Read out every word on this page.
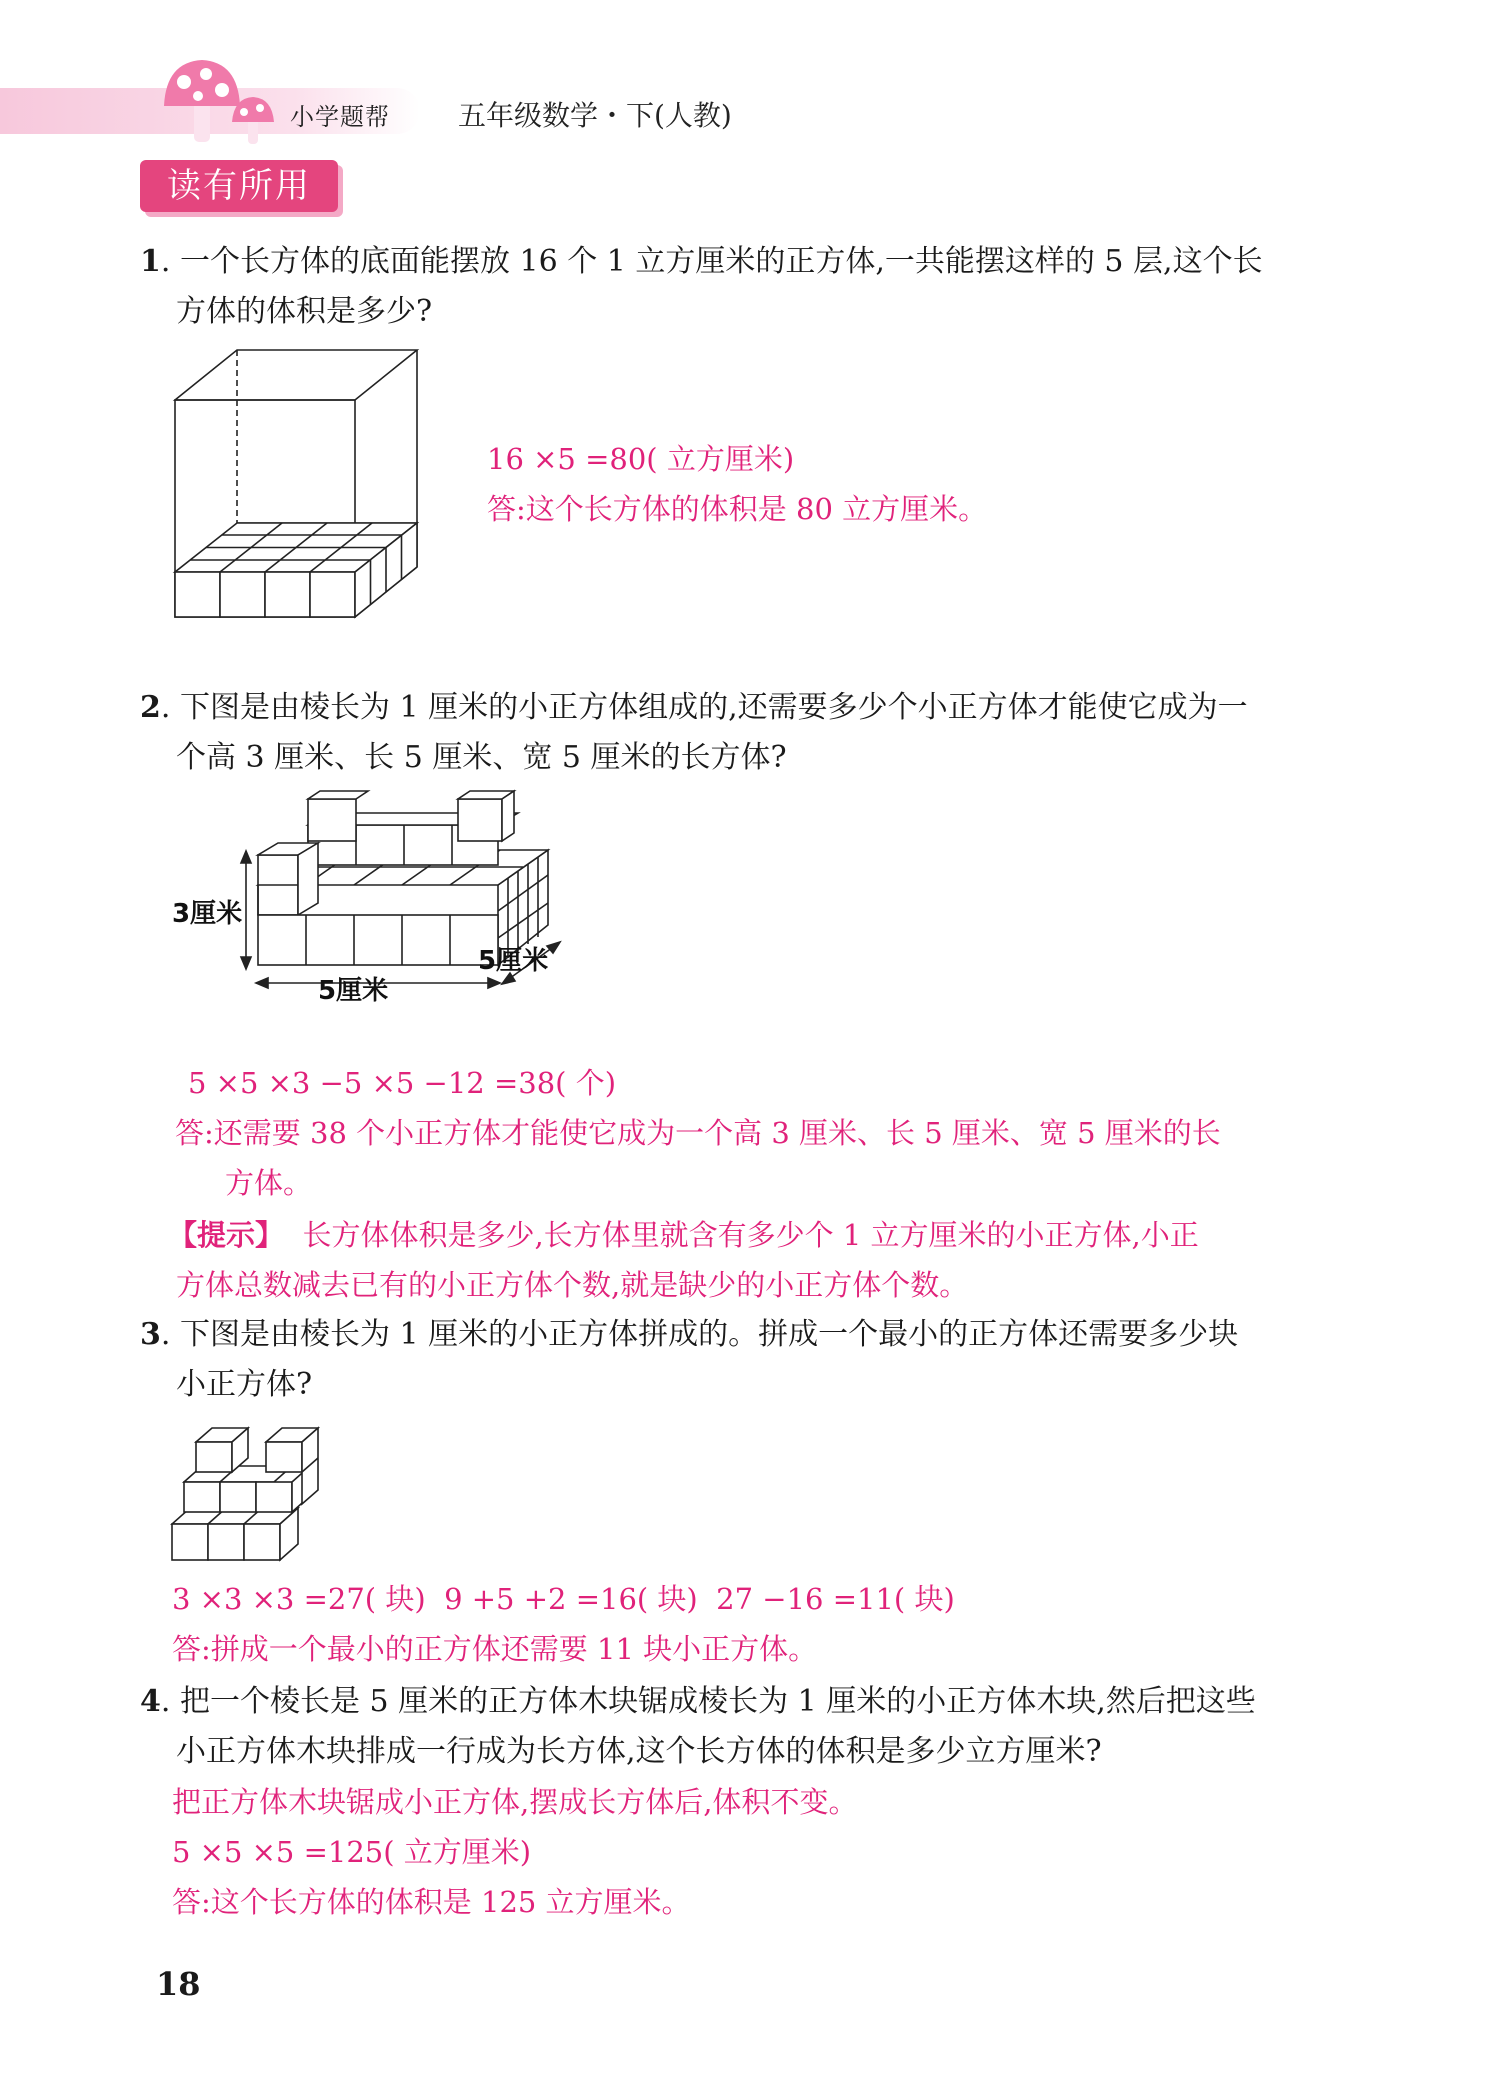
小学题帮 五年级数学・下(人教)
读有所用
1. 一个长方体的底面能摆放 16 个 1 立方厘米的正方体,一共能摆这样的 5 层,这个长
方体的体积是多少?
16 ×5 =80( 立方厘米)
答:这个长方体的体积是 80 立方厘米。
2. 下图是由棱长为 1 厘米的小正方体组成的,还需要多少个小正方体才能使它成为一
个高 3 厘米、长 5 厘米、宽 5 厘米的长方体?
3厘米
5厘米
5厘米
5 ×5 ×3 −5 ×5 −12 =38( 个)
答:还需要 38 个小正方体才能使它成为一个高 3 厘米、长 5 厘米、宽 5 厘米的长
方体。
【提示】 长方体体积是多少,长方体里就含有多少个 1 立方厘米的小正方体,小正
方体总数减去已有的小正方体个数,就是缺少的小正方体个数。
3. 下图是由棱长为 1 厘米的小正方体拼成的。拼成一个最小的正方体还需要多少块
小正方体?
3 ×3 ×3 =27( 块)  9 +5 +2 =16( 块)  27 −16 =11( 块)
答:拼成一个最小的正方体还需要 11 块小正方体。
4. 把一个棱长是 5 厘米的正方体木块锯成棱长为 1 厘米的小正方体木块,然后把这些
小正方体木块排成一行成为长方体,这个长方体的体积是多少立方厘米?
把正方体木块锯成小正方体,摆成长方体后,体积不变。
5 ×5 ×5 =125( 立方厘米)
答:这个长方体的体积是 125 立方厘米。
18
